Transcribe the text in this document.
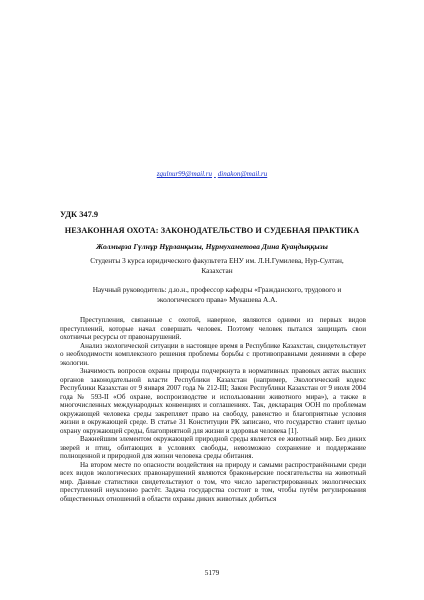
zgulnur99@mail.ru dinakon@mail.ru
УДК 347.9
НЕЗАКОННАЯ ОХОТА: ЗАКОНОДАТЕЛЬСТВО И СУДЕБНАЯ ПРАКТИКА
Жолмырза Гүлнұр Нұрланқызы, Нұрмухаметова Дина Қуаңдыққызы
Студенты 3 курса юридического факультета ЕНУ им. Л.Н.Гумилева, Нур-Султан, Казахстан
Научный руководитель: д.ю.н., профессор кафедры «Гражданского, трудового и экологического права» Мукашева А.А.

Преступления, связанные с охотой, наверное, являются одними из первых видов преступлений, которые начал совершать человек. Поэтому человек пытался защищать свои охотничьи ресурсы от правонарушений.

Анализ экологической ситуации в настоящее время в Республике Казахстан, свидетельствует о необходимости комплексного решения проблемы борьбы с противоправными деяниями в сфере экологии.

Значимость вопросов охраны природы подчеркнута в нормативных правовых актах высших органов законодательной власти Республики Казахстан (например, Экологический кодекс Республики Казахстан от 9 января 2007 года № 212-III; Закон Республики Казахстан от 9 июля 2004 года № 593-II «Об охране, воспроизводстве и использовании животного мира»), а также в многочисленных международных конвенциях и соглашениях. Так, декларация ООН по проблемам окружающей человека среды закрепляет право на свободу, равенство и благоприятные условия жизни в окружающей среде. В статье 31 Конституции РК записано, что государство ставит целью охрану окружающей среды, благоприятной для жизни и здоровья человека [1].

Важнейшим элементом окружающей природной среды является ее животный мир. Без диких зверей и птиц, обитающих в условиях свободы, невозможно сохранение и поддержание полноценной и природной для жизни человека среды обитания.

На втором месте по опасности воздействия на природу и самыми распространёнными среди всех видов экологических правонарушений являются браконьерские посягательства на животный мир. Данные статистики свидетельствуют о том, что число зарегистрированных экологических преступлений неуклонно растёт. Задача государства состоит в том, чтобы путём регулирования общественных отношений в области охраны диких животных добиться

5179
